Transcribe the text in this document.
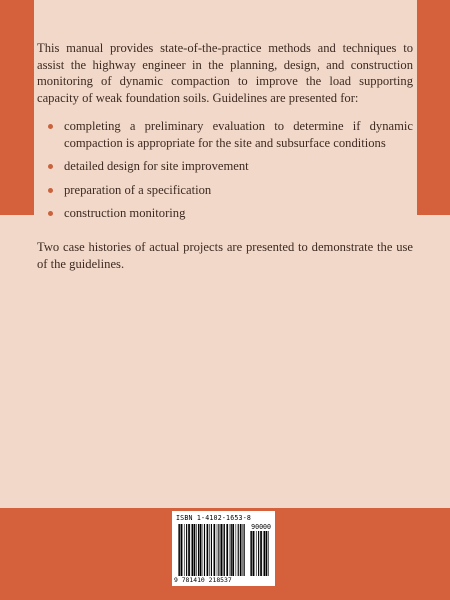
This manual provides state-of-the-practice methods and techniques to assist the highway engineer in the planning, design, and construction monitoring of dynamic compaction to improve the load supporting capacity of weak foundation soils. Guidelines are presented for:

completing a preliminary evaluation to determine if dynamic compaction is appropriate for the site and subsurface conditions
detailed design for site improvement
preparation of a specification
construction monitoring

Two case histories of actual projects are presented to demonstrate the use of the guidelines.

ISBN 1-4102-1653-8
90000
9 781410 218537
